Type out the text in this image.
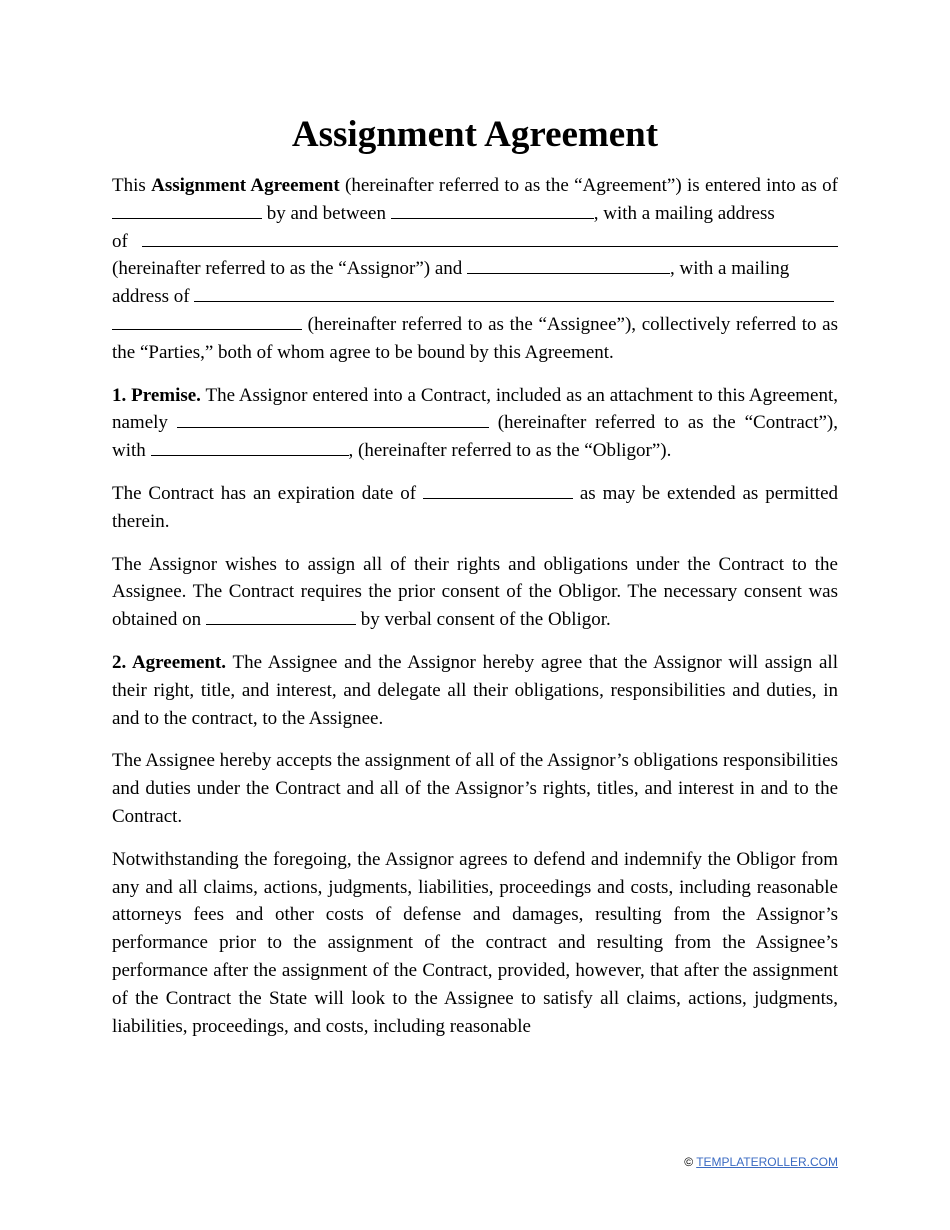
Assignment Agreement
This Assignment Agreement (hereinafter referred to as the “Agreement”) is entered into as of  by and between	, with a mailing address
of
(hereinafter referred to as the “Assignor”) and	, with a mailing
address of
(hereinafter referred to as the “Assignee”), collectively referred to as the “Parties,” both of whom agree to be bound by this Agreement.
1. Premise. The Assignor entered into a Contract, included as an attachment to this Agreement, namely	(hereinafter referred to as the “Contract”), with	, (hereinafter referred to as the “Obligor”).
The Contract has an expiration date of	as may be extended as permitted therein.
The Assignor wishes to assign all of their rights and obligations under the Contract to the Assignee. The Contract requires the prior consent of the Obligor. The necessary consent was obtained on	by verbal consent of the Obligor.
2. Agreement. The Assignee and the Assignor hereby agree that the Assignor will assign all their right, title, and interest, and delegate all their obligations, responsibilities and duties, in and to the contract, to the Assignee.
The Assignee hereby accepts the assignment of all of the Assignor’s obligations responsibilities and duties under the Contract and all of the Assignor’s rights, titles, and interest in and to the Contract.
Notwithstanding the foregoing, the Assignor agrees to defend and indemnify the Obligor from any and all claims, actions, judgments, liabilities, proceedings and costs, including reasonable attorneys fees and other costs of defense and damages, resulting from the Assignor’s performance prior to the assignment of the contract and resulting from the Assignee’s performance after the assignment of the Contract, provided, however, that after the assignment of the Contract the State will look to the Assignee to satisfy all claims, actions, judgments, liabilities, proceedings, and costs, including reasonable
© TEMPLATEROLLER.COM
